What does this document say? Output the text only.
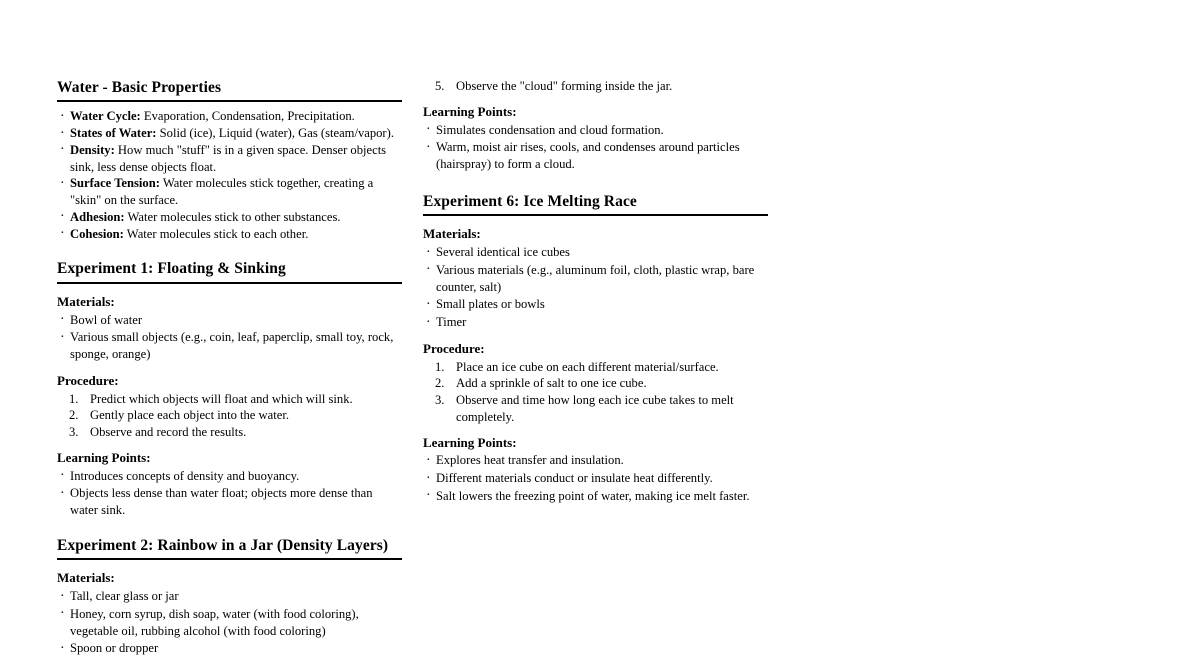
Water - Basic Properties
· Water Cycle: Evaporation, Condensation, Precipitation.
· States of Water: Solid (ice), Liquid (water), Gas (steam/vapor).
· Density: How much "stuff" is in a given space. Denser objects sink, less dense objects float.
· Surface Tension: Water molecules stick together, creating a "skin" on the surface.
· Adhesion: Water molecules stick to other substances.
· Cohesion: Water molecules stick to each other.
Experiment 1: Floating & Sinking
Materials:
· Bowl of water
· Various small objects (e.g., coin, leaf, paperclip, small toy, rock, sponge, orange)
Procedure:
Predict which objects will float and which will sink.
Gently place each object into the water.
Observe and record the results.
Learning Points:
· Introduces concepts of density and buoyancy.
· Objects less dense than water float; objects more dense than water sink.
Experiment 2: Rainbow in a Jar (Density Layers)
Materials:
· Tall, clear glass or jar
· Honey, corn syrup, dish soap, water (with food coloring), vegetable oil, rubbing alcohol (with food coloring)
· Spoon or dropper
5. Observe the "cloud" forming inside the jar.
Learning Points:
· Simulates condensation and cloud formation.
· Warm, moist air rises, cools, and condenses around particles (hairspray) to form a cloud.
Experiment 6: Ice Melting Race
Materials:
· Several identical ice cubes
· Various materials (e.g., aluminum foil, cloth, plastic wrap, bare counter, salt)
· Small plates or bowls
· Timer
Procedure:
Place an ice cube on each different material/surface.
Add a sprinkle of salt to one ice cube.
Observe and time how long each ice cube takes to melt completely.
Learning Points:
· Explores heat transfer and insulation.
· Different materials conduct or insulate heat differently.
· Salt lowers the freezing point of water, making ice melt faster.
